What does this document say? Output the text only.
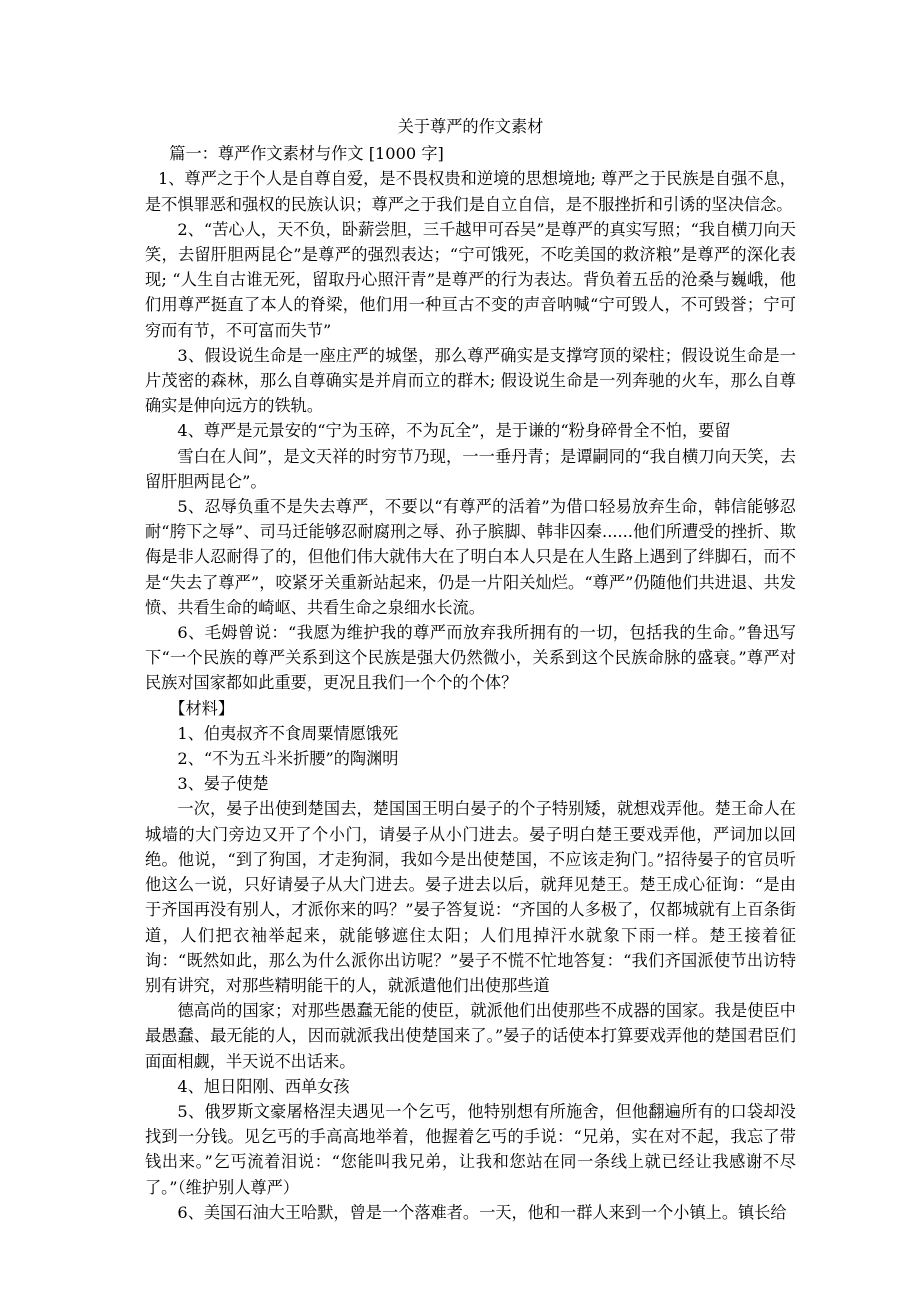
关于尊严的作文素材

篇一：尊严作文素材与作文 [1000 字]

1、尊严之于个人是自尊自爱，是不畏权贵和逆境的思想境地; 尊严之于民族是自强不息，是不惧罪恶和强权的民族认识；尊严之于我们是自立自信，是不服挫折和引诱的坚决信念。

2、“苦心人，天不负，卧薪尝胆，三千越甲可吞吴”是尊严的真实写照；“我自横刀向天笑，去留肝胆两昆仑”是尊严的强烈表达；“宁可饿死，不吃美国的救济粮”是尊严的深化表现; “人生自古谁无死，留取丹心照汗青”是尊严的行为表达。背负着五岳的沧桑与巍峨，他们用尊严挺直了本人的脊梁，他们用一种亘古不变的声音呐喊“宁可毁人，不可毁誉；宁可穷而有节，不可富而失节”

3、假设说生命是一座庄严的城堡，那么尊严确实是支撑穹顶的梁柱；假设说生命是一片茂密的森林，那么自尊确实是并肩而立的群木; 假设说生命是一列奔驰的火车，那么自尊确实是伸向远方的铁轨。

4、尊严是元景安的“宁为玉碎，不为瓦全”，是于谦的“粉身碎骨全不怕，要留

雪白在人间”，是文天祥的时穷节乃现，一一垂丹青；是谭嗣同的“我自横刀向天笑，去留肝胆两昆仑”。

5、忍辱负重不是失去尊严，不要以“有尊严的活着”为借口轻易放弃生命，韩信能够忍耐“胯下之辱”、司马迁能够忍耐腐刑之辱、孙子膑脚、韩非囚秦......他们所遭受的挫折、欺侮是非人忍耐得了的，但他们伟大就伟大在了明白本人只是在人生路上遇到了绊脚石，而不是“失去了尊严”，咬紧牙关重新站起来，仍是一片阳关灿烂。“尊严”仍随他们共进退、共发愤、共看生命的崎岖、共看生命之泉细水长流。

6、毛姆曾说：“我愿为维护我的尊严而放弃我所拥有的一切，包括我的生命。”鲁迅写下“一个民族的尊严关系到这个民族是强大仍然微小，关系到这个民族命脉的盛衰。”尊严对民族对国家都如此重要，更况且我们一个个的个体？

【材料】

1、伯夷叔齐不食周粟情愿饿死

2、“不为五斗米折腰”的陶渊明

3、晏子使楚

一次，晏子出使到楚国去，楚国国王明白晏子的个子特别矮，就想戏弄他。楚王命人在城墙的大门旁边又开了个小门，请晏子从小门进去。晏子明白楚王要戏弄他，严词加以回绝。他说，“到了狗国，才走狗洞，我如今是出使楚国，不应该走狗门。”招待晏子的官员听他这么一说，只好请晏子从大门进去。晏子进去以后，就拜见楚王。楚王成心征询：“是由于齐国再没有别人，才派你来的吗？”晏子答复说：“齐国的人多极了，仅都城就有上百条街道，人们把衣袖举起来，就能够遮住太阳；人们甩掉汗水就象下雨一样。楚王接着征询：“既然如此，那么为什么派你出访呢？”晏子不慌不忙地答复：“我们齐国派使节出访特别有讲究，对那些精明能干的人，就派遣他们出使那些道

德高尚的国家；对那些愚蠢无能的使臣，就派他们出使那些不成器的国家。我是使臣中最愚蠢、最无能的人，因而就派我出使楚国来了。”晏子的话使本打算要戏弄他的楚国君臣们面面相觑，半天说不出话来。

4、旭日阳刚、西单女孩

5、俄罗斯文豪屠格涅夫遇见一个乞丐，他特别想有所施舍，但他翻遍所有的口袋却没找到一分钱。见乞丐的手高高地举着，他握着乞丐的手说：“兄弟，实在对不起，我忘了带钱出来。”乞丐流着泪说：“您能叫我兄弟，让我和您站在同一条线上就已经让我感谢不尽了。”（维护别人尊严）

6、美国石油大王哈默，曾是一个落难者。一天，他和一群人来到一个小镇上。镇长给
